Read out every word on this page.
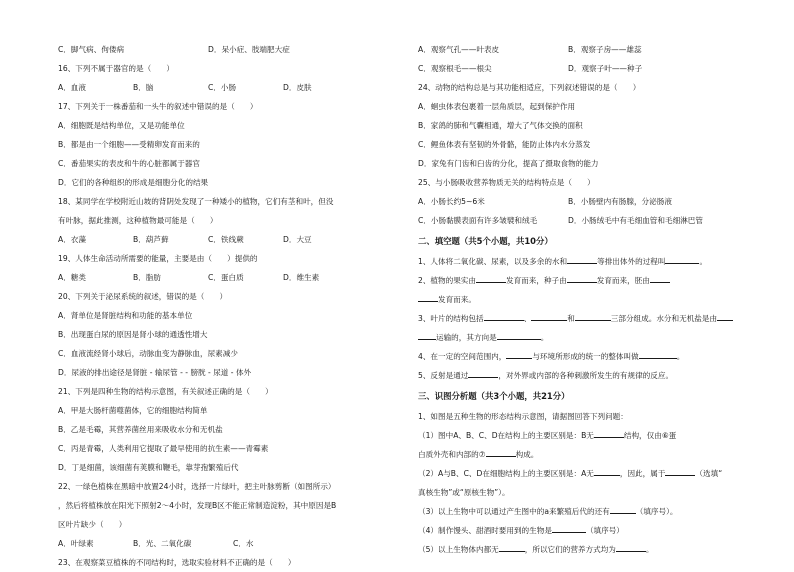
C．脚气病、佝偻病	D．呆小症、肢端肥大症
16、下列不属于器官的是（　　）
A．血液	B．脑	C．小肠	D．皮肤
17、下列关于一株番茄和一头牛的叙述中错误的是（　　）
A．细胞既是结构单位，又是功能单位
B．都是由一个细胞——受精卵发育而来的
C．番茄果实的表皮和牛的心脏都属于器官
D．它们的各种组织的形成是细胞分化的结果
18、某同学在学校附近山坡的背阴处发现了一种矮小的植物，它们有茎和叶，但没
有叶脉，据此推测，这种植物最可能是（　　）
A．衣藻	B．葫芦藓	C．铁线蕨	D．大豆
19、人体生命活动所需要的能量，主要是由（　　）提供的
A．糖类	B．脂肪	C．蛋白质	D．维生素
20、下列关于泌尿系统的叙述，错误的是（　　）
A．肾单位是肾脏结构和功能的基本单位
B．出现蛋白尿的原因是肾小球的通透性增大
C．血液流经肾小球后，动脉血变为静脉血，尿素减少
D．尿液的排出途径是肾脏 - 输尿管 - - 膀胱 - 尿道 - 体外
21、下列是四种生物的结构示意图，有关叙述正确的是（　　）
A．甲是大肠杆菌噬菌体，它的细胞结构简单
B．乙是毛霉，其营养菌丝用来吸收水分和无机盐
C．丙是青霉，人类利用它提取了最早使用的抗生素——青霉素
D．丁是细菌，该细菌有荚膜和鞭毛，靠芽孢繁殖后代
22、一绿色植株在黑暗中放置24小时，选择一片绿叶，把主叶脉剪断（如图所示）
，然后将植株放在阳光下照射2～4小时，发现B区不能正常制造淀粉，其中原因是B
区叶片缺少（　　）
A．叶绿素	B．光、二氧化碳	C．水
23、在观察菜豆植株的不同结构时，选取实验材料不正确的是（　　）
A．观察气孔——叶表皮	B．观察子房——雄蕊
C．观察根毛——根尖	D．观察子叶——种子
24、动物的结构总是与其功能相适应，下列叙述错误的是（　　）
A．蛔虫体表包裹着一层角质层，起到保护作用
B．家鸽的肺和气囊相通，增大了气体交换的面积
C．鲤鱼体表有坚韧的外骨骼，能防止体内水分蒸发
D．家兔有门齿和臼齿的分化，提高了摄取食物的能力
25、与小肠吸收营养物质无关的结构特点是（　　）
A．小肠长约5~6米	B．小肠壁内有肠腺，分泌肠液
C．小肠黏膜表面有许多皱襞和绒毛	D．小肠绒毛中有毛细血管和毛细淋巴管
二、填空题（共5个小题，共10分）
1、人体将二氧化碳、尿素，以及多余的水和	等排出体外的过程叫	。
2、植物的果实由	发育而来，种子由	发育而来，胚由
发育而来。
3、叶片的结构包括	、	和	三部分组成。水分和无机盐是由
运输的，其方向是	。
4、在一定的空间范围内，	与环境所形成的统一的整体叫做	。
5、反射是通过	，对外界或内部的各种刺激所发生的有规律的反应。
三、识图分析题（共3个小题，共21分）
1、如图是五种生物的形态结构示意图，请据图回答下列问题：
（1）图中A、B、C、D在结构上的主要区别是：B无	结构，仅由⑥蛋
白质外壳和内部的⑦	构成。
（2）A与B、C、D在细胞结构上的主要区别是：A无	，因此，属于	（选填“
真核生物”或“原核生物”）。
（3）以上生物中可以通过产生图中的a来繁殖后代的还有	（填序号）。
（4）制作馒头、甜酒时要用到的生物是	（填序号）
（5）以上生物体内都无	，所以它们的营养方式均为	。
